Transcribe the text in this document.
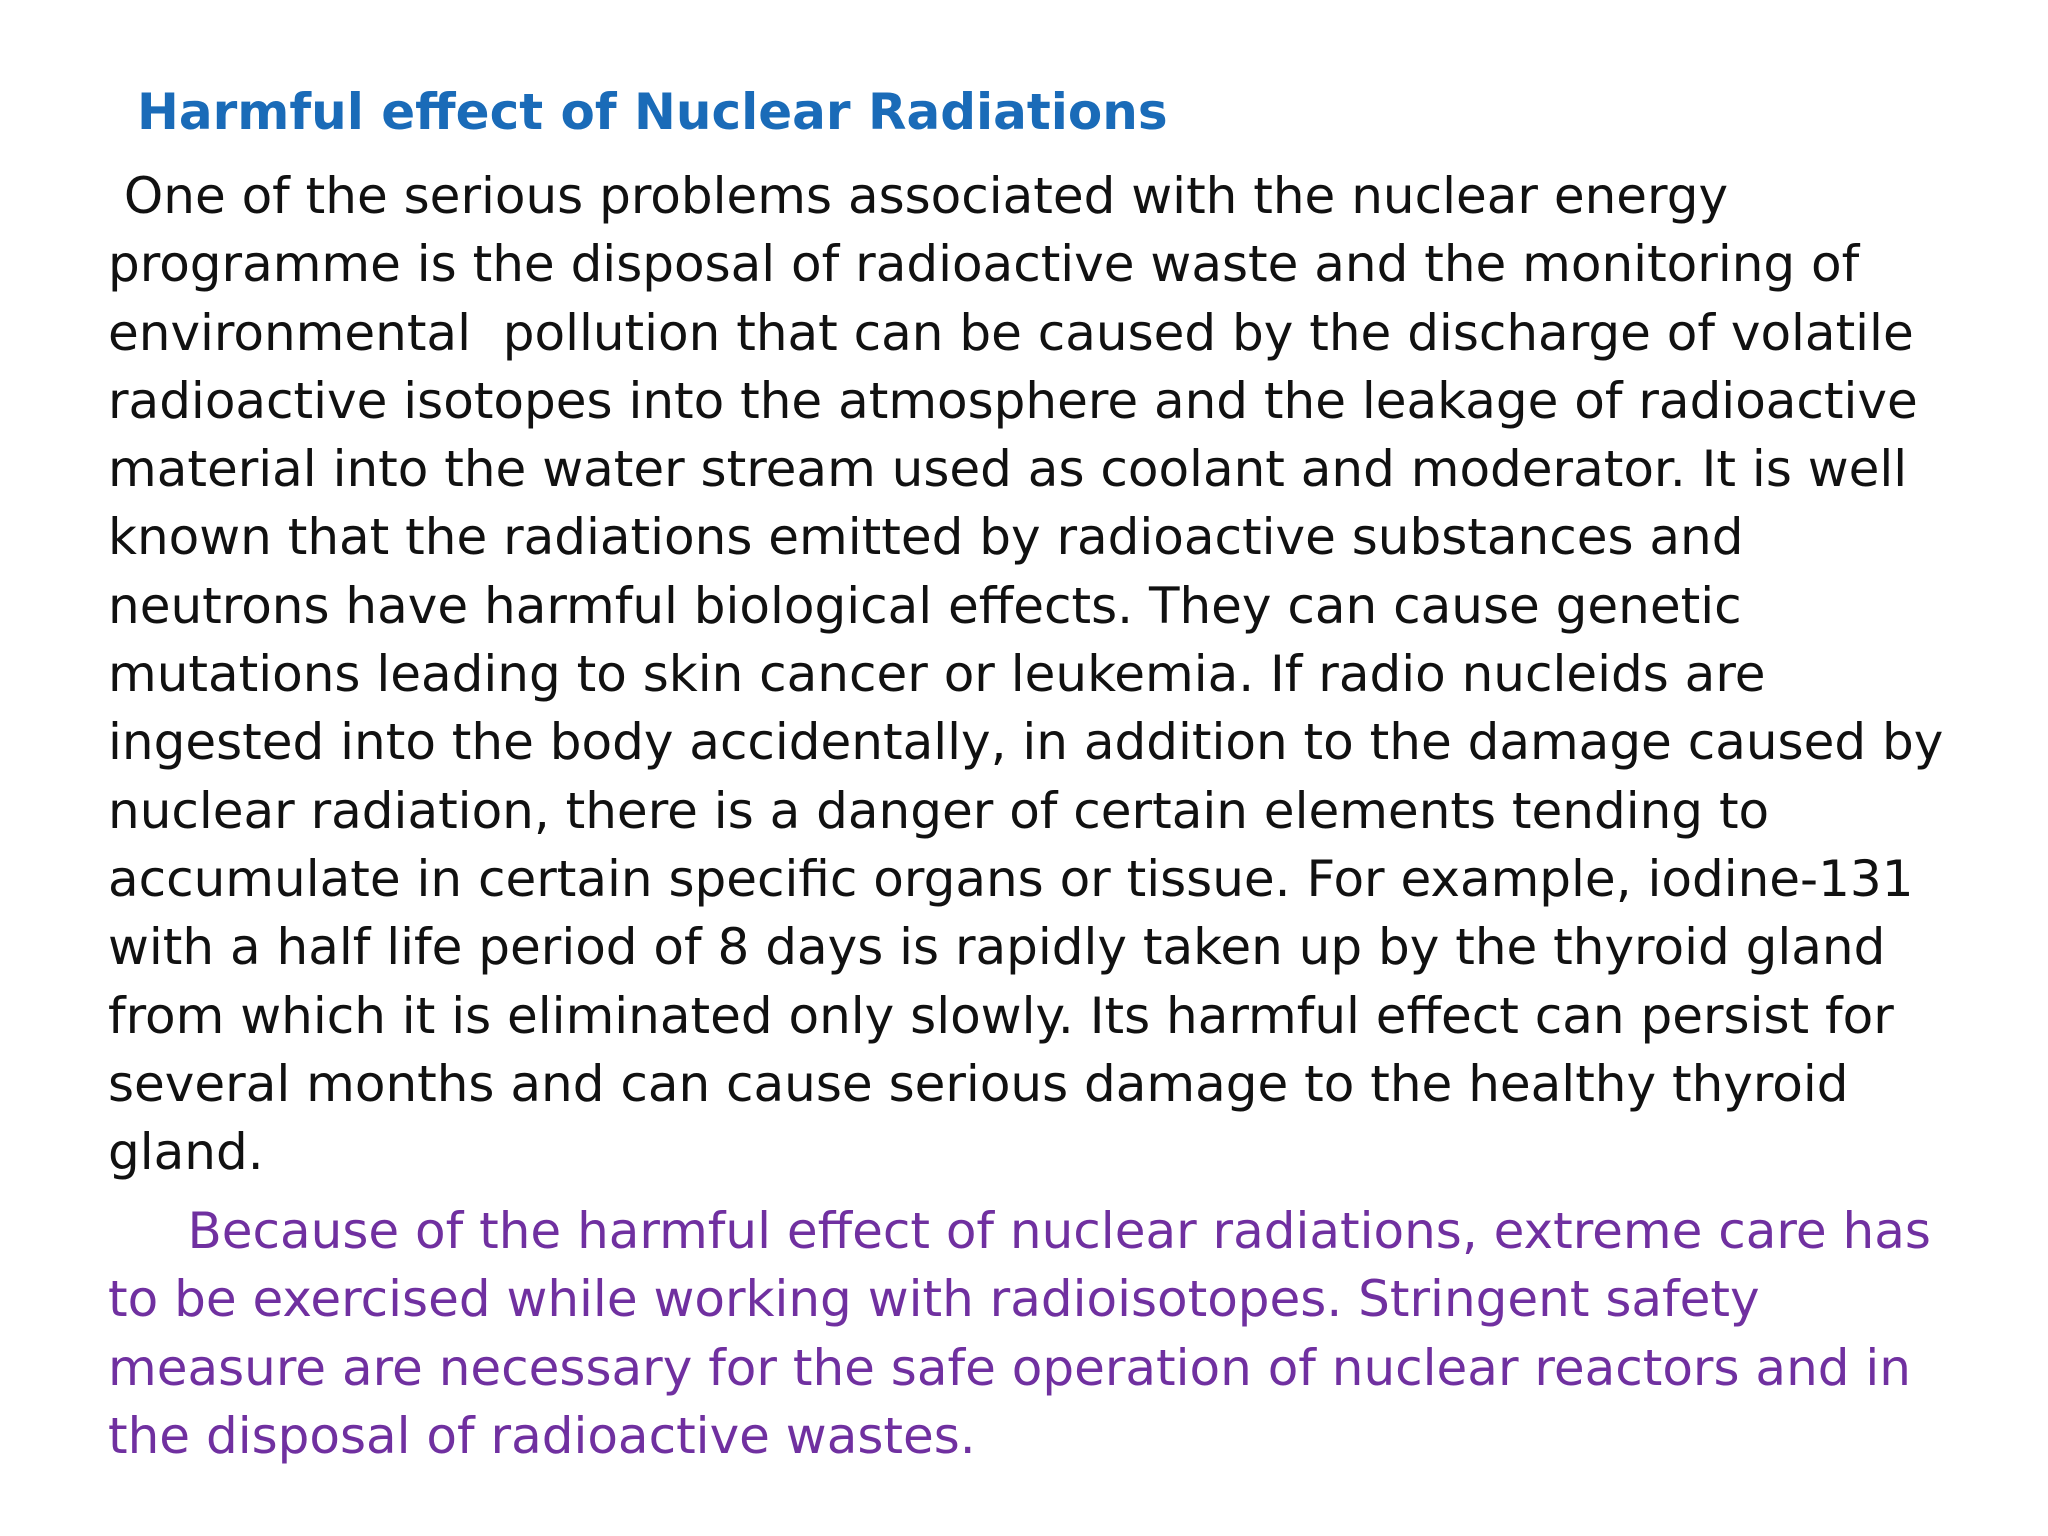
Harmful effect of Nuclear Radiations
One of the serious problems associated with the nuclear energy
programme is the disposal of radioactive waste and the monitoring of
environmental  pollution that can be caused by the discharge of volatile
radioactive isotopes into the atmosphere and the leakage of radioactive
material into the water stream used as coolant and moderator. It is well
known that the radiations emitted by radioactive substances and
neutrons have harmful biological effects. They can cause genetic
mutations leading to skin cancer or leukemia. If radio nucleids are
ingested into the body accidentally, in addition to the damage caused by
nuclear radiation, there is a danger of certain elements tending to
accumulate in certain specific organs or tissue. For example, iodine-131
with a half life period of 8 days is rapidly taken up by the thyroid gland
from which it is eliminated only slowly. Its harmful effect can persist for
several months and can cause serious damage to the healthy thyroid
gland.
Because of the harmful effect of nuclear radiations, extreme care has
to be exercised while working with radioisotopes. Stringent safety
measure are necessary for the safe operation of nuclear reactors and in
the disposal of radioactive wastes.
